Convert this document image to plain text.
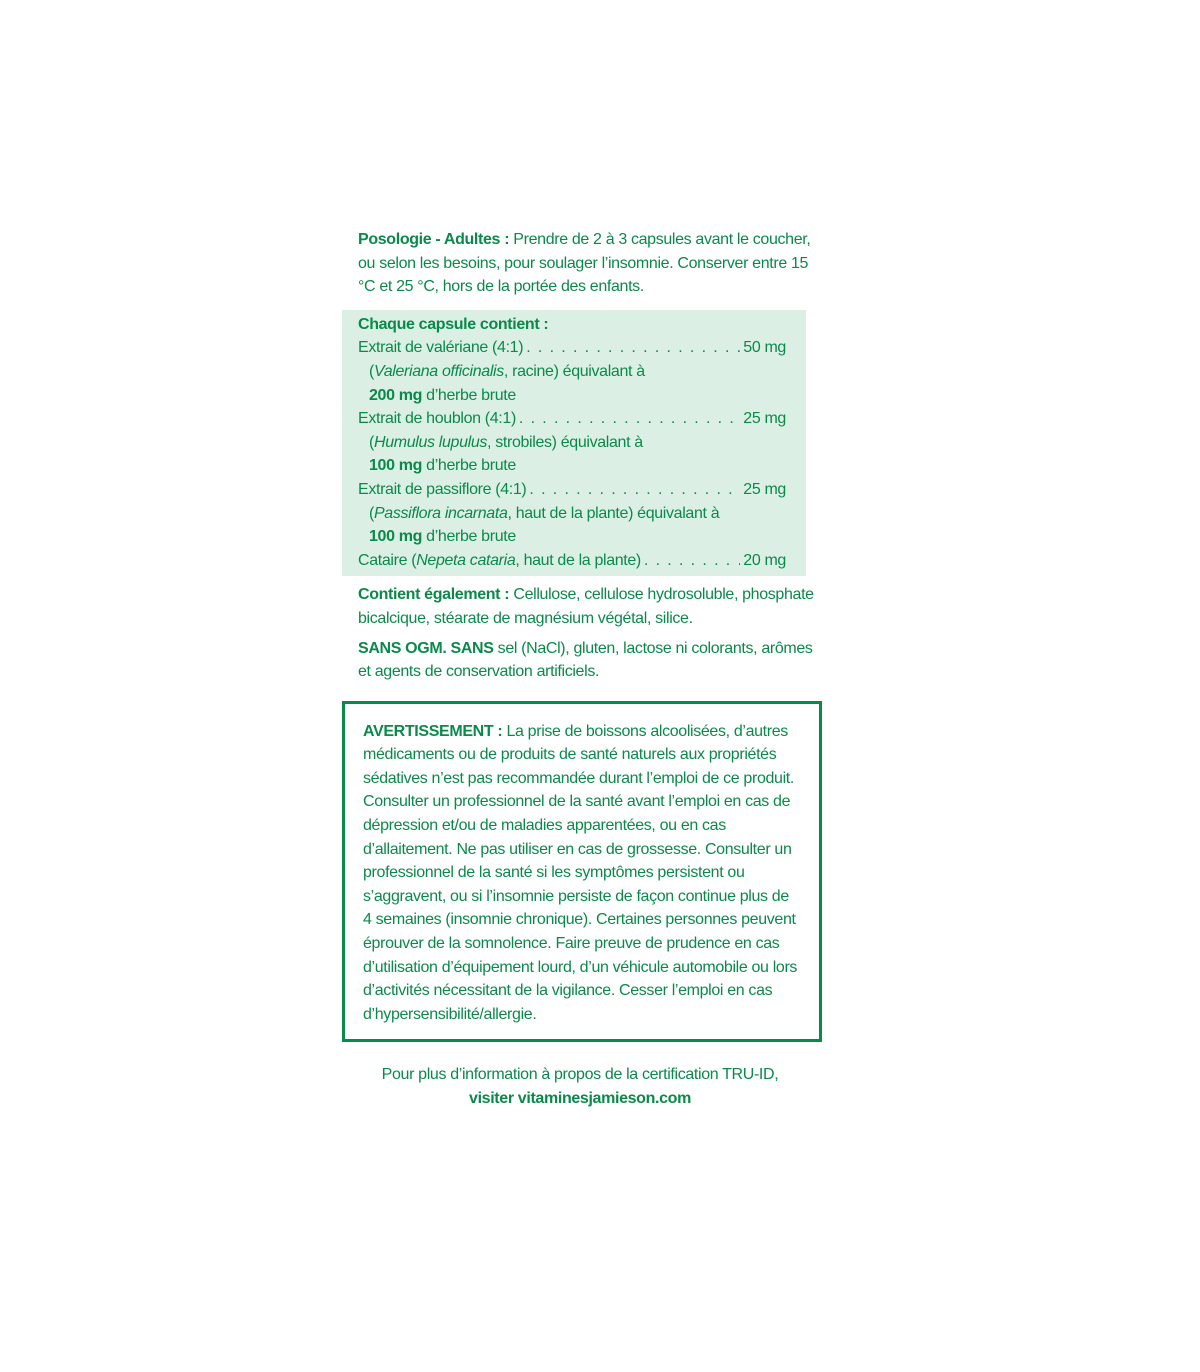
Posologie - Adultes : Prendre de 2 à 3 capsules avant le coucher, ou selon les besoins, pour soulager l’insomnie. Conserver entre 15 °C et 25 °C, hors de la portée des enfants.

Chaque capsule contient :
Extrait de valériane (4:1) . . .	50 mg
(Valeriana officinalis, racine) équivalant à
200 mg d’herbe brute
Extrait de houblon (4:1) . . .	25 mg
(Humulus lupulus, strobiles) équivalant à
100 mg d’herbe brute
Extrait de passiflore (4:1) . . .	25 mg
(Passiflora incarnata, haut de la plante) équivalant à
100 mg d’herbe brute
Cataire (Nepeta cataria, haut de la plante) . . .	20 mg

Contient également : Cellulose, cellulose hydrosoluble, phosphate bicalcique, stéarate de magnésium végétal, silice.

SANS OGM. SANS sel (NaCl), gluten, lactose ni colorants, arômes et agents de conservation artificiels.

AVERTISSEMENT : La prise de boissons alcoolisées, d’autres médicaments ou de produits de santé naturels aux propriétés sédatives n’est pas recommandée durant l’emploi de ce produit. Consulter un professionnel de la santé avant l’emploi en cas de dépression et/ou de maladies apparentées, ou en cas d’allaitement. Ne pas utiliser en cas de grossesse. Consulter un professionnel de la santé si les symptômes persistent ou s’aggravent, ou si l’insomnie persiste de façon continue plus de 4 semaines (insomnie chronique). Certaines personnes peuvent éprouver de la somnolence. Faire preuve de prudence en cas d’utilisation d’équipement lourd, d’un véhicule automobile ou lors d’activités nécessitant de la vigilance. Cesser l’emploi en cas d’hypersensibilité/allergie.
Pour plus d’information à propos de la certification TRU-ID,
visiter vitaminesjamieson.com
